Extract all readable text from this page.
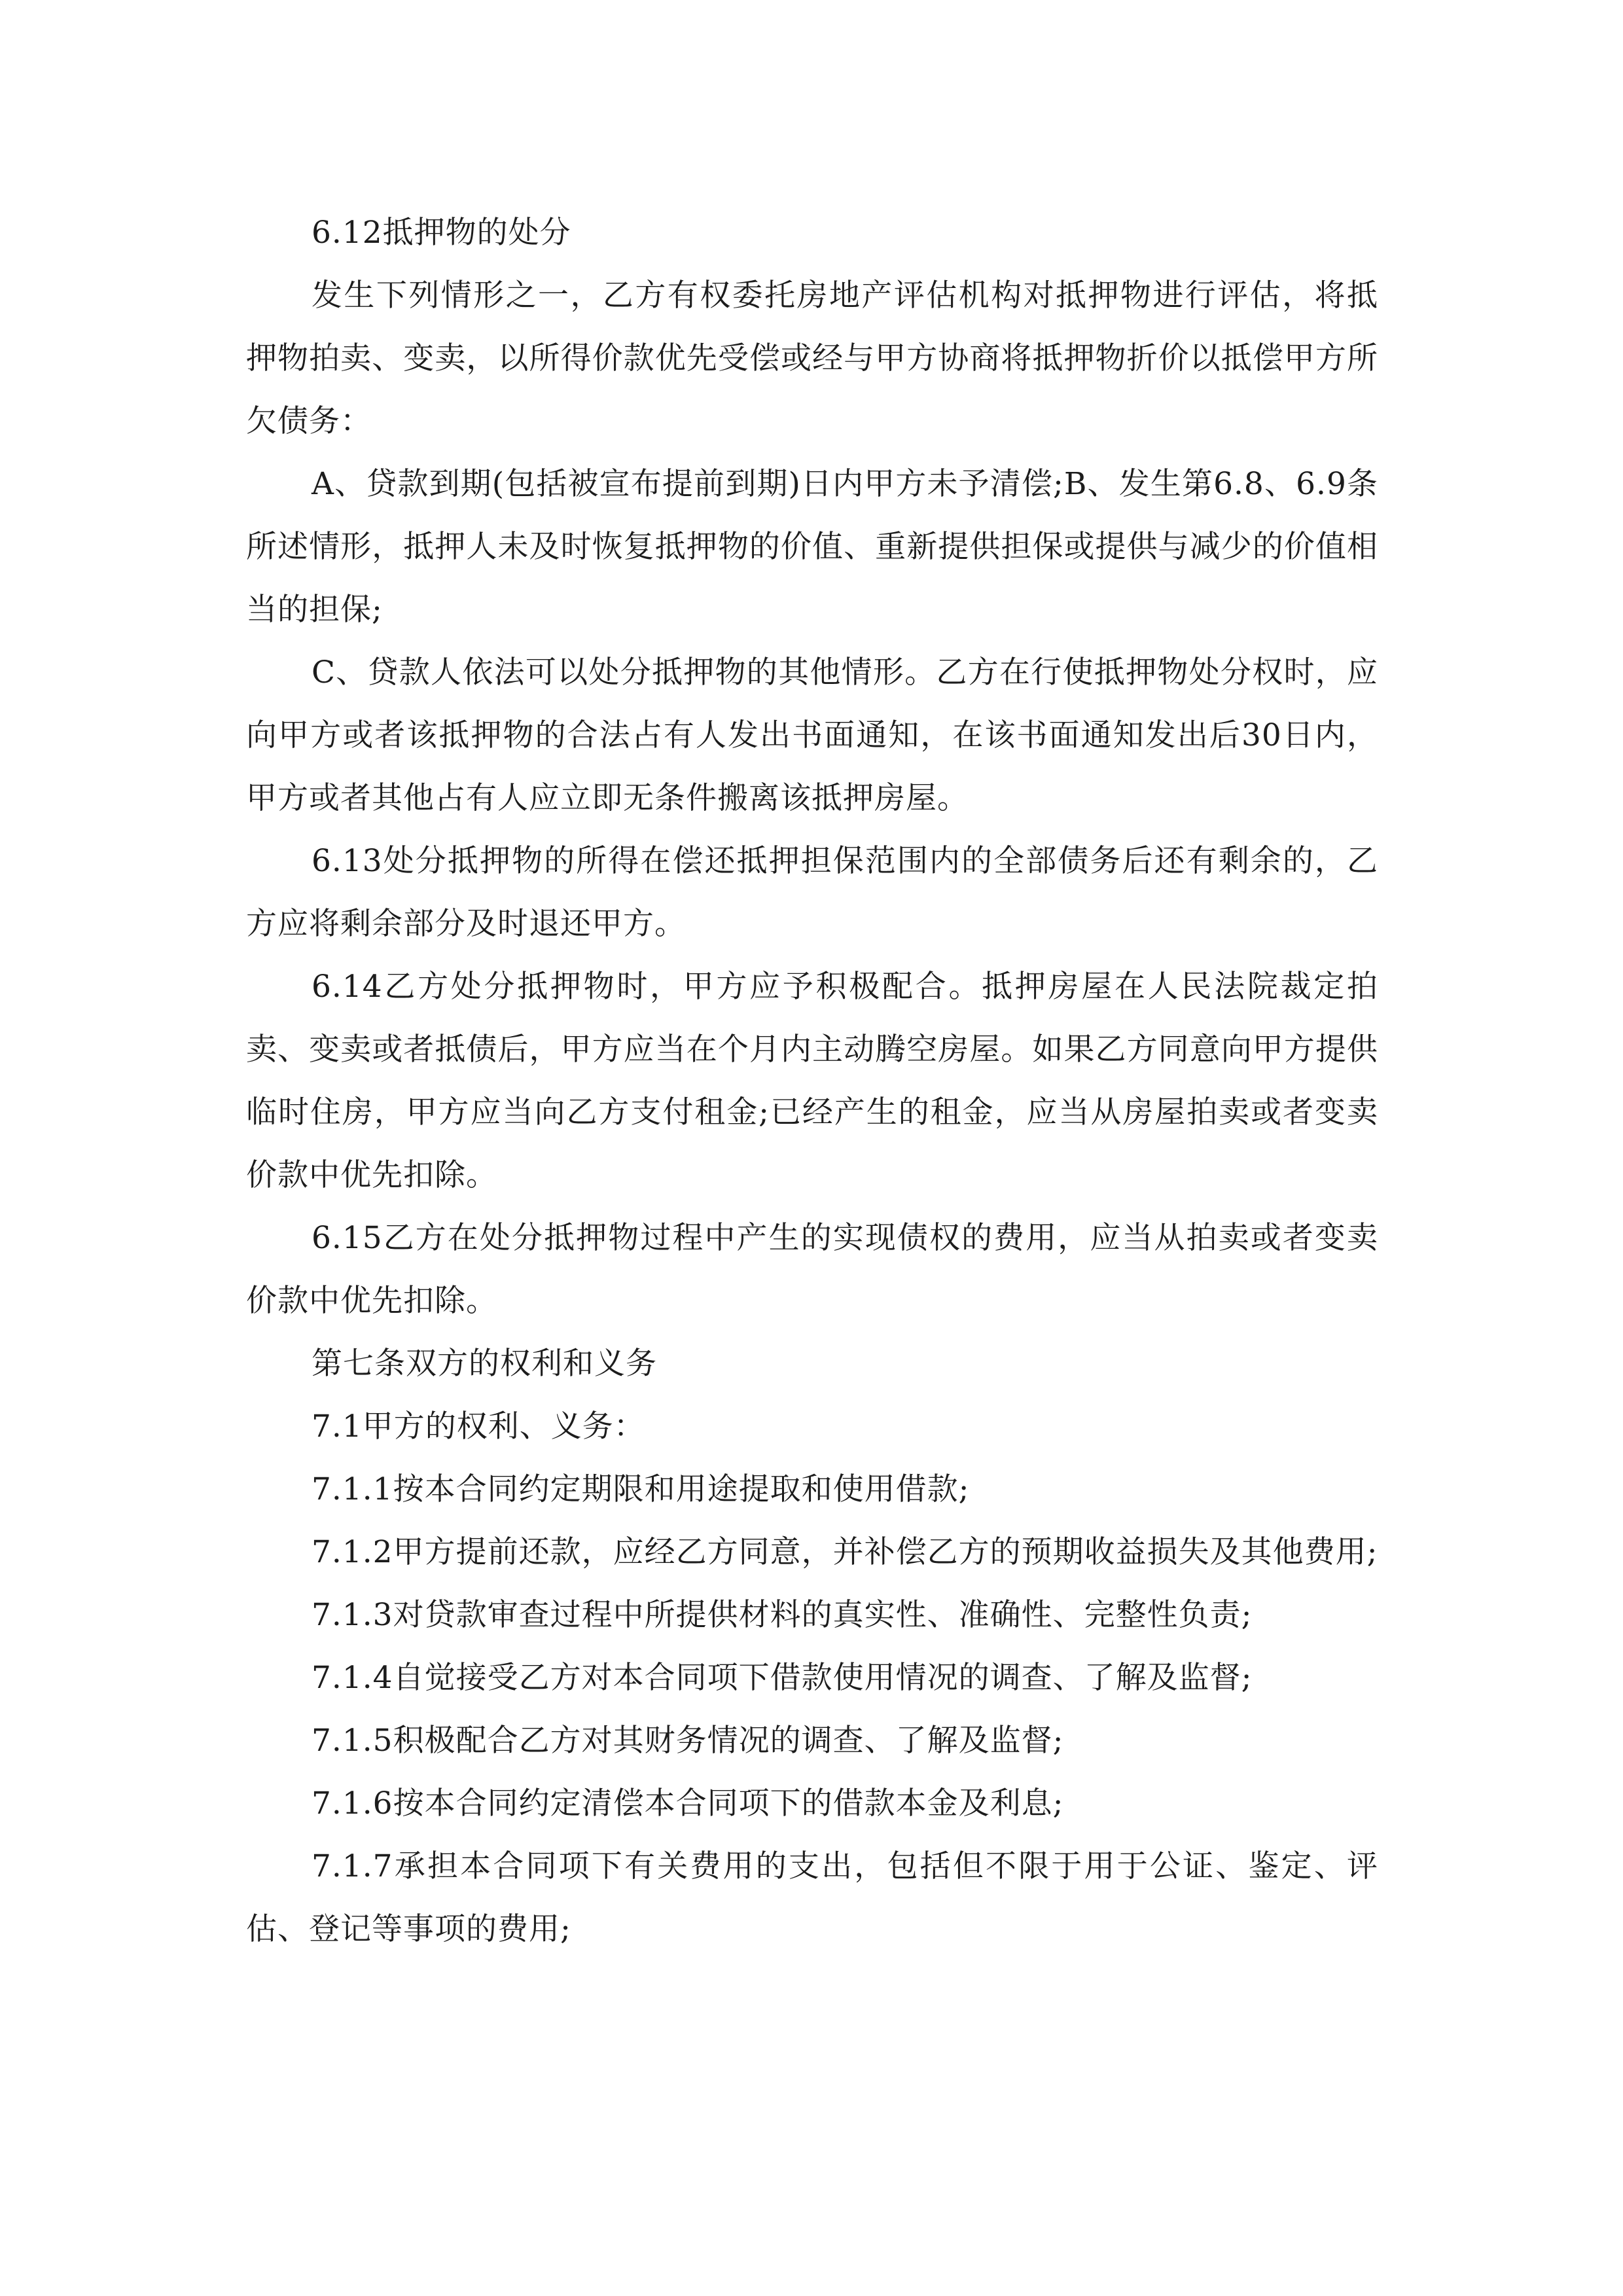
6.12抵押物的处分

发生下列情形之一，乙方有权委托房地产评估机构对抵押物进行评估，将抵押物拍卖、变卖，以所得价款优先受偿或经与甲方协商将抵押物折价以抵偿甲方所欠债务：

A、贷款到期(包括被宣布提前到期)日内甲方未予清偿;B、发生第6.8、6.9条所述情形，抵押人未及时恢复抵押物的价值、重新提供担保或提供与减少的价值相当的担保;

C、贷款人依法可以处分抵押物的其他情形。乙方在行使抵押物处分权时，应向甲方或者该抵押物的合法占有人发出书面通知，在该书面通知发出后30日内，甲方或者其他占有人应立即无条件搬离该抵押房屋。

6.13处分抵押物的所得在偿还抵押担保范围内的全部债务后还有剩余的，乙方应将剩余部分及时退还甲方。

6.14乙方处分抵押物时，甲方应予积极配合。抵押房屋在人民法院裁定拍卖、变卖或者抵债后，甲方应当在个月内主动腾空房屋。如果乙方同意向甲方提供临时住房，甲方应当向乙方支付租金;已经产生的租金，应当从房屋拍卖或者变卖价款中优先扣除。

6.15乙方在处分抵押物过程中产生的实现债权的费用，应当从拍卖或者变卖价款中优先扣除。

第七条双方的权利和义务

7.1甲方的权利、义务：

7.1.1按本合同约定期限和用途提取和使用借款;

7.1.2甲方提前还款，应经乙方同意，并补偿乙方的预期收益损失及其他费用;

7.1.3对贷款审查过程中所提供材料的真实性、准确性、完整性负责;

7.1.4自觉接受乙方对本合同项下借款使用情况的调查、了解及监督;

7.1.5积极配合乙方对其财务情况的调查、了解及监督;

7.1.6按本合同约定清偿本合同项下的借款本金及利息;

7.1.7承担本合同项下有关费用的支出，包括但不限于用于公证、鉴定、评估、登记等事项的费用;
